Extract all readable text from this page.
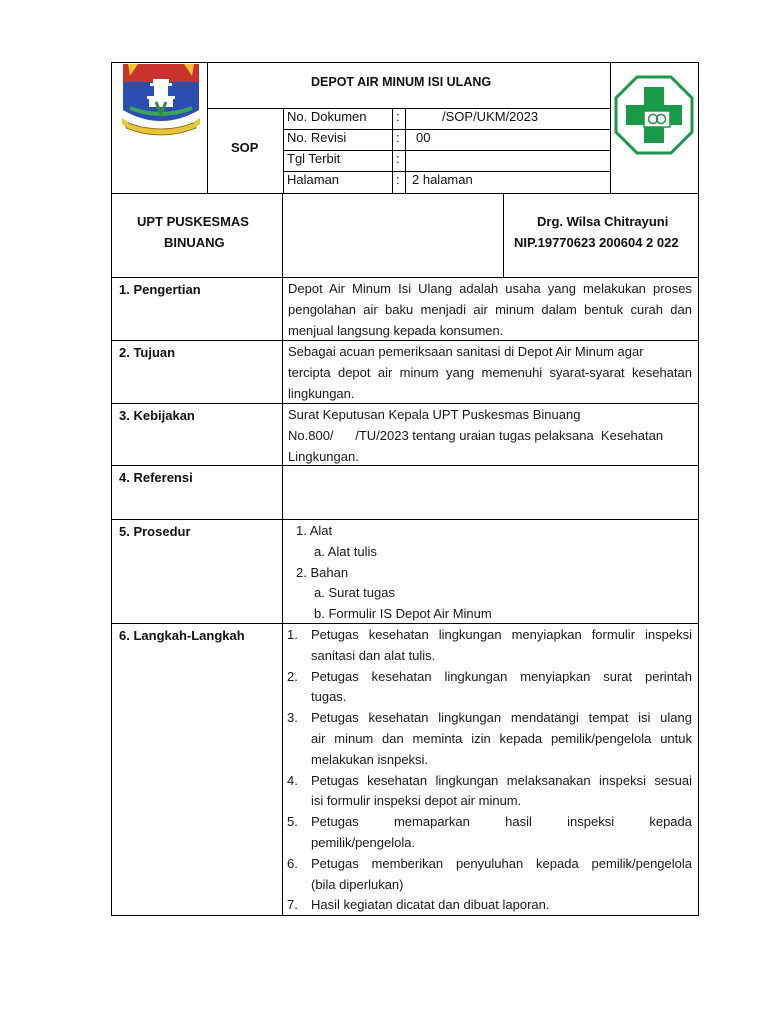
DEPOT AIR MINUM ISI ULANG
SOP
No. Dokumen :	/SOP/UKM/2023
No. Revisi	: 00
Tgl Terbit	:
Halaman	: 2 halaman
UPT PUSKESMAS
BINUANG
Drg. Wilsa Chitrayuni
NIP.19770623 200604 2 022
1. Pengertian	Depot Air Minum Isi Ulang adalah usaha yang melakukan proses
pengolahan air baku menjadi air minum dalam bentuk curah dan
menjual langsung kepada konsumen.
2. Tujuan	Sebagai acuan pemeriksaan sanitasi di Depot Air Minum agar
tercipta depot air minum yang memenuhi syarat-syarat kesehatan
lingkungan.
3. Kebijakan	Surat Keputusan Kepala UPT Puskesmas Binuang
No.800/      /TU/2023 tentang uraian tugas pelaksana  Kesehatan
Lingkungan.
4. Referensi
5. Prosedur	1. Alat
a. Alat tulis
2. Bahan
a. Surat tugas
b. Formulir IS Depot Air Minum
6. Langkah-Langkah	1. Petugas kesehatan lingkungan menyiapkan formulir inspeksi
sanitasi dan alat tulis.
2. Petugas kesehatan lingkungan menyiapkan surat perintah
tugas.
3. Petugas kesehatan lingkungan mendatangi tempat isi ulang
air minum dan meminta izin kepada pemilik/pengelola untuk
melakukan isnpeksi.
4. Petugas kesehatan lingkungan melaksanakan inspeksi sesuai
isi formulir inspeksi depot air minum.
5. Petugas memaparkan hasil inspeksi kepada
pemilik/pengelola.
6. Petugas memberikan penyuluhan kepada pemilik/pengelola
(bila diperlukan)
7. Hasil kegiatan dicatat dan dibuat laporan.
